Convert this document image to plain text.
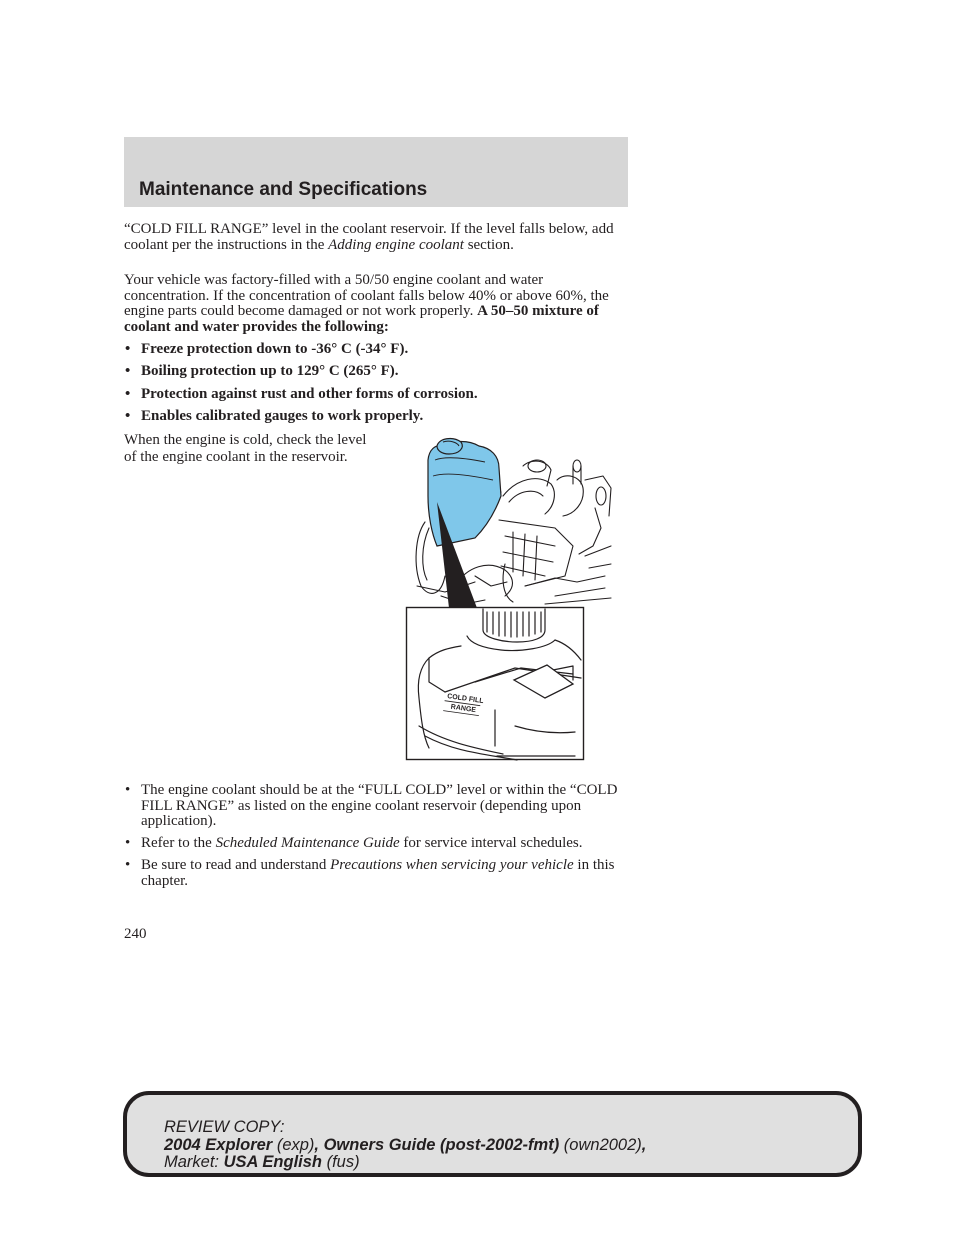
Maintenance and Specifications

“COLD FILL RANGE” level in the coolant reservoir. If the level falls below, add coolant per the instructions in the Adding engine coolant section.

Your vehicle was factory-filled with a 50/50 engine coolant and water concentration. If the concentration of coolant falls below 40% or above 60%, the engine parts could become damaged or not work properly. A 50–50 mixture of coolant and water provides the following:

• Freeze protection down to -36° C (-34° F).
• Boiling protection up to 129° C (265° F).
• Protection against rust and other forms of corrosion.
• Enables calibrated gauges to work properly.

When the engine is cold, check the level of the engine coolant in the reservoir.

COLD FILL
RANGE
• The engine coolant should be at the “FULL COLD” level or within the “COLD FILL RANGE” as listed on the engine coolant reservoir (depending upon application).
• Refer to the Scheduled Maintenance Guide for service interval schedules.
• Be sure to read and understand Precautions when servicing your vehicle in this chapter.

240

REVIEW COPY:
2004 Explorer (exp), Owners Guide (post-2002-fmt) (own2002),
Market: USA English (fus)
